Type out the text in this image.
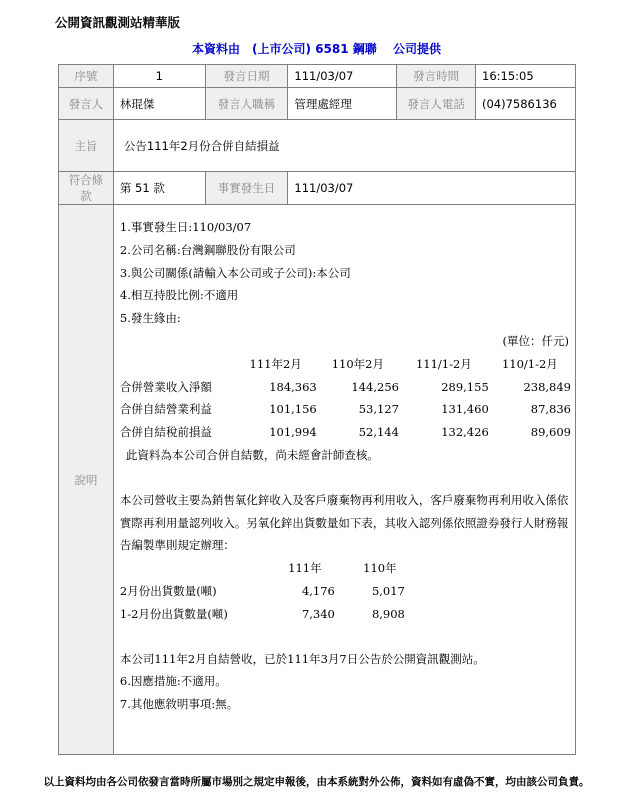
公開資訊觀測站精華版
本資料由　(上市公司) 6581 鋼聯　 公司提供
序號	1	發言日期	111/03/07	發言時間	16:15:05
發言人	林琨傑	發言人職稱	管理處經理	發言人電話	(04)7586136
主旨	公告111年2月份合併自結損益
符合條款	第 51 款	事實發生日	111/03/07
說明	
1.事實發生日:110/03/07
2.公司名稱:台灣鋼聯股份有限公司
3.與公司關係(請輸入本公司或子公司):本公司
4.相互持股比例:不適用
5.發生緣由:
(單位：仟元)
	111年2月	110年2月	111/1-2月	110/1-2月
合併營業收入淨額	184,363	144,256	289,155	238,849
合併自結營業利益	101,156	53,127	131,460	87,836
合併自結稅前損益	101,994	52,144	132,426	89,609
此資料為本公司合併自結數，尚未經會計師查核。
本公司營收主要為銷售氧化鋅收入及客戶廢棄物再利用收入，客戶廢棄物再利用收入係依實際再利用量認列收入。另氧化鋅出貨數量如下表，其收入認列係依照證券發行人財務報告編製準則規定辦理：
	111年	110年
2月份出貨數量(噸)	4,176	5,017
1-2月份出貨數量(噸)	7,340	8,908
本公司111年2月自結營收，已於111年3月7日公告於公開資訊觀測站。
6.因應措施:不適用。
7.其他應敘明事項:無。
以上資料均由各公司依發言當時所屬市場別之規定申報後，由本系統對外公佈，資料如有虛偽不實，均由該公司負責。
